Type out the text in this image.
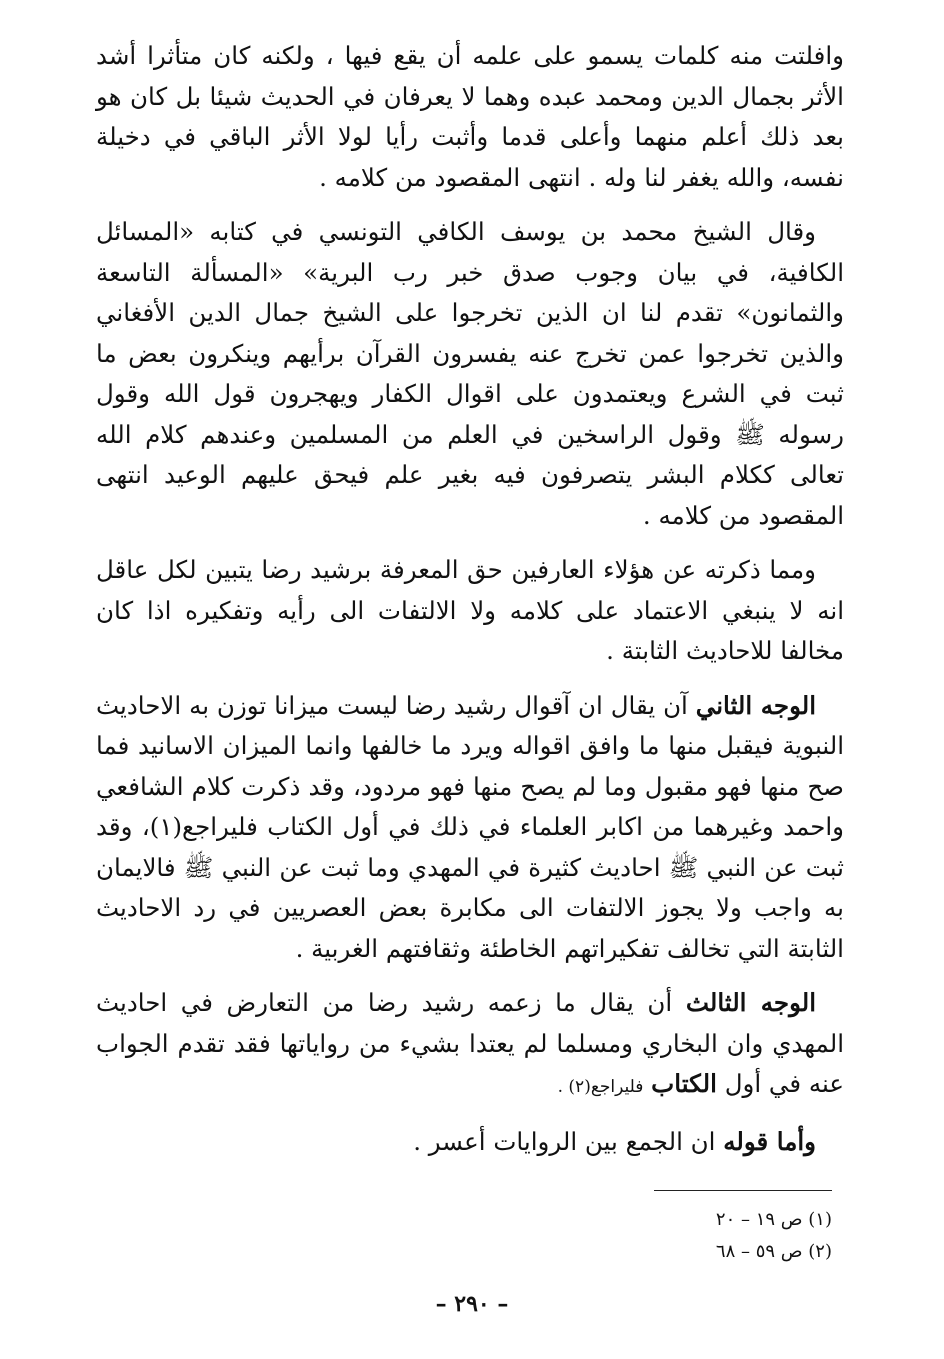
وافلتت منه كلمات يسمو على علمه أن يقع فيها ، ولكنه كان متأثرا أشد الأثر بجمال الدين ومحمد عبده وهما لا يعرفان في الحديث شيئا بل كان هو بعد ذلك أعلم منهما وأعلى قدما وأثبت رأيا لولا الأثر الباقي في دخيلة نفسه، والله يغفر لنا وله . انتهى المقصود من كلامه .

وقال الشيخ محمد بن يوسف الكافي التونسي في كتابه «المسائل الكافية، في بيان وجوب صدق خبر رب البرية» «المسألة التاسعة والثمانون» تقدم لنا ان الذين تخرجوا على الشيخ جمال الدين الأفغاني والذين تخرجوا عمن تخرج عنه يفسرون القرآن برأيهم وينكرون بعض ما ثبت في الشرع ويعتمدون على اقوال الكفار ويهجرون قول الله وقول رسوله ﷺ وقول الراسخين في العلم من المسلمين وعندهم كلام الله تعالى ككلام البشر يتصرفون فيه بغير علم فيحق عليهم الوعيد انتهى المقصود من كلامه .

ومما ذكرته عن هؤلاء العارفين حق المعرفة برشيد رضا يتبين لكل عاقل انه لا ينبغي الاعتماد على كلامه ولا الالتفات الى رأيه وتفكيره اذا كان مخالفا للاحاديث الثابتة .

الوجه الثاني آن يقال ان آقوال رشيد رضا ليست ميزانا توزن به الاحاديث النبوية فيقبل منها ما وافق اقواله ويرد ما خالفها وانما الميزان الاسانيد فما صح منها فهو مقبول وما لم يصح منها فهو مردود، وقد ذكرت كلام الشافعي واحمد وغيرهما من اكابر العلماء في ذلك في أول الكتاب فليراجع(١)، وقد ثبت عن النبي ﷺ احاديث كثيرة في المهدي وما ثبت عن النبي ﷺ فالايمان به واجب ولا يجوز الالتفات الى مكابرة بعض العصريين في رد الاحاديث الثابتة التي تخالف تفكيراتهم الخاطئة وثقافتهم الغربية .

الوجه الثالث أن يقال ما زعمه رشيد رضا من التعارض في احاديث المهدي وان البخاري ومسلما لم يعتدا بشيء من رواياتها فقد تقدم الجواب عنه في أول الكتاب فليراجع(٢) .

وأما قوله ان الجمع بين الروايات أعسر .

(١) ص ١٩ – ٢٠
(٢) ص ٥٩ – ٦٨
– ٢٩٠ –
